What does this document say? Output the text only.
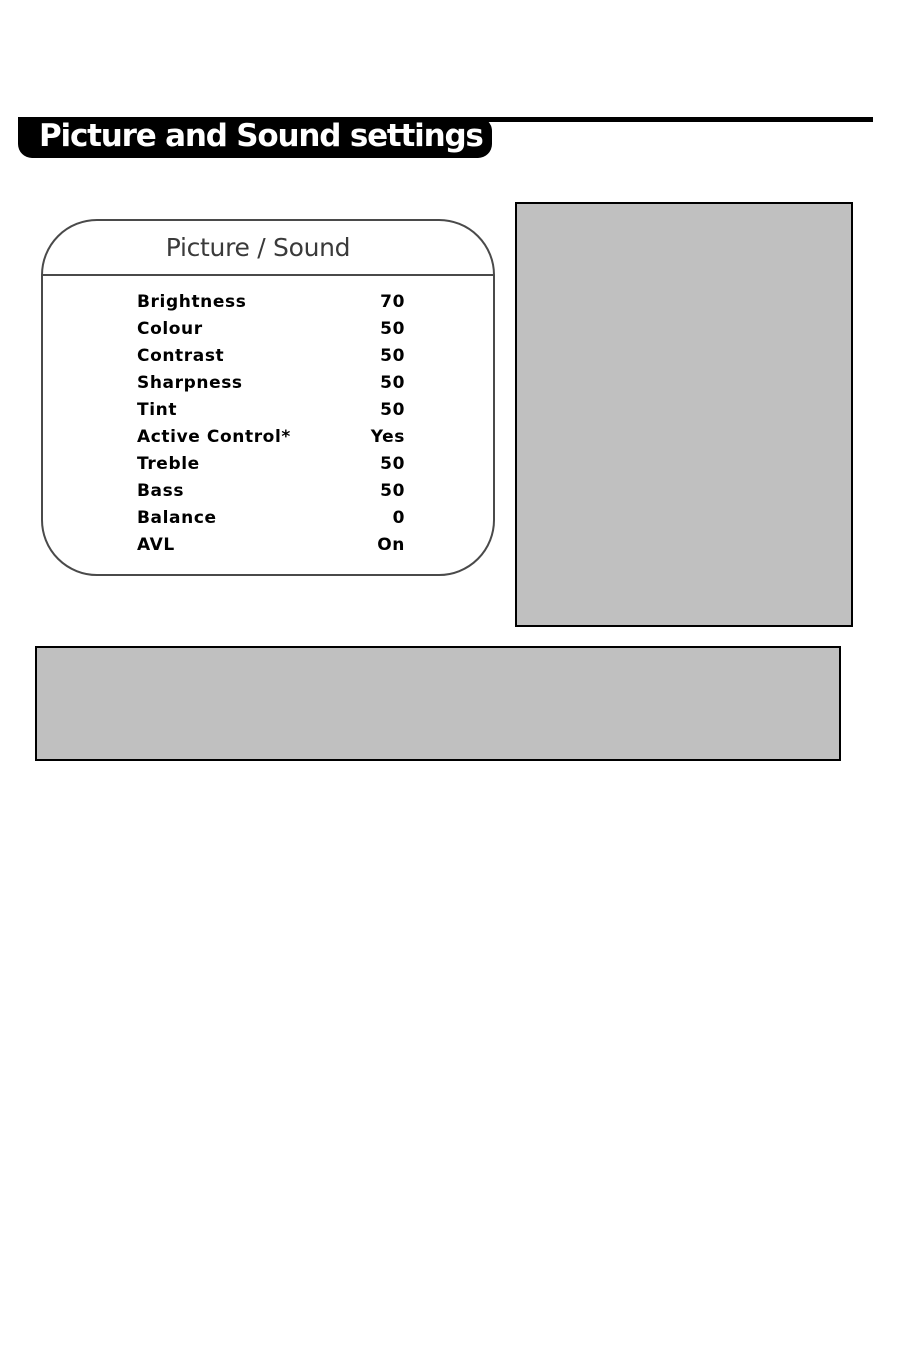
Picture and Sound settings
Picture / Sound
Brightness	70
Colour	50
Contrast	50
Sharpness	50
Tint	50
Active Control*	Yes
Treble	50
Bass	50
Balance	0
AVL	On
